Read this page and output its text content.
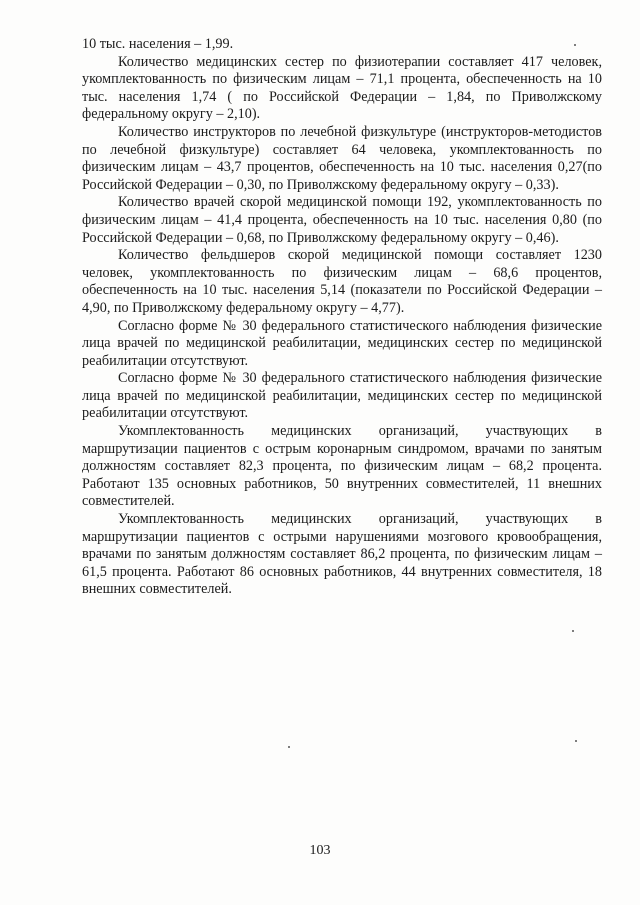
10 тыс. населения – 1,99.

Количество медицинских сестер по физиотерапии составляет 417 человек, укомплектованность по физическим лицам – 71,1 процента, обеспеченность на 10 тыс. населения 1,74 ( по Российской Федерации – 1,84, по Приволжскому федеральному округу – 2,10).

Количество инструкторов по лечебной физкультуре (инструкторов-методистов по лечебной физкультуре) составляет 64 человека, укомплектованность по физическим лицам – 43,7 процентов, обеспеченность на 10 тыс. населения 0,27(по Российской Федерации – 0,30, по Приволжскому федеральному округу – 0,33).

Количество врачей скорой медицинской помощи 192, укомплектованность по физическим лицам – 41,4 процента, обеспеченность на 10 тыс. населения 0,80 (по Российской Федерации – 0,68, по Приволжскому федеральному округу – 0,46).

Количество фельдшеров скорой медицинской помощи составляет 1230 человек, укомплектованность по физическим лицам – 68,6 процентов, обеспеченность на 10 тыс. населения 5,14 (показатели по Российской Федерации –4,90, по Приволжскому федеральному округу – 4,77).

Согласно форме № 30 федерального статистического наблюдения физические лица врачей по медицинской реабилитации, медицинских сестер по медицинской реабилитации отсутствуют.

Согласно форме № 30 федерального статистического наблюдения физические лица врачей по медицинской реабилитации, медицинских сестер по медицинской реабилитации отсутствуют.

Укомплектованность медицинских организаций, участвующих в маршрутизации пациентов с острым коронарным синдромом, врачами по занятым должностям составляет 82,3 процента, по физическим лицам – 68,2 процента. Работают 135 основных работников, 50 внутренних совместителей, 11 внешних совместителей.

Укомплектованность медицинских организаций, участвующих в маршрутизации пациентов с острыми нарушениями мозгового кровообращения, врачами по занятым должностям составляет 86,2 процента, по физическим лицам – 61,5 процента. Работают 86 основных работников, 44 внутренних совместителя, 18 внешних совместителей.

103
